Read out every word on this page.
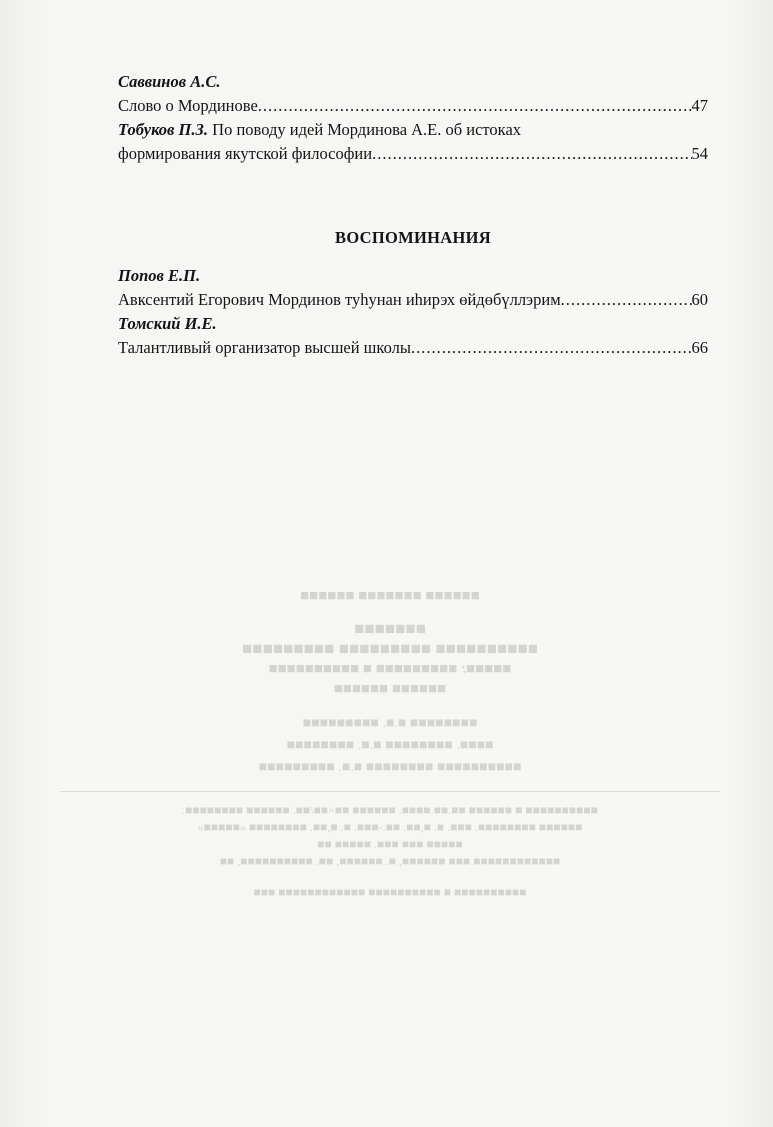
Саввинов А.С.
Слово о Мординове .....	47
Тобуков П.З. По поводу идей Мординова А.Е. об истоках
формирования якутской философии .....	54
ВОСПОМИНАНИЯ
Попов Е.П.
Авксентий Егорович Мординов туһунан иһирэх өйдөбүллэрим .....	60
Томский И.Е.
Талантливый организатор высшей школы .....	66
■■■■■■ ■■■■■■■ ■■■■■■
■■■■■■■
■■■■■■■■■■ ■■■■■■■■■ ■■■■■■■■■
■■■■■: ■■■■■■■■■ ■ ■■■■■■■■■■
■■■■■■ ■■■■■■
■■■■■■■■ ■.■. ■■■■■■■■■
■■■■. ■■■■■■■■ ■.■. ■■■■■■■■
■■■■■■■■■■ ■■■■■■■■ ■.■. ■■■■■■■■■
■■■■■■■■■■ ■ ■■■■■■ ■■.■■.■■■■. ■■■■■■ ■■×■■/■■. ■■■■■■ ■■■■■■■■.
■■■■■■ ■■■■■■■■. ■■■. ■. ■,■■. ■■.-■■■. ■. ■,■■. ■■■■■■■■ «■■■■■»
■■■■■ ■■■ ■■■. ■■■■■ ■■
■■■■■■■■■■■■ ■■■ ■■■■■■, ■. ■■■■■■, ■■. ■■■■■■■■■■, ■■
■■■■■■■■■■ ■ ■■■■■■■■■■ ■■■■■■■■■■■■ ■■■
